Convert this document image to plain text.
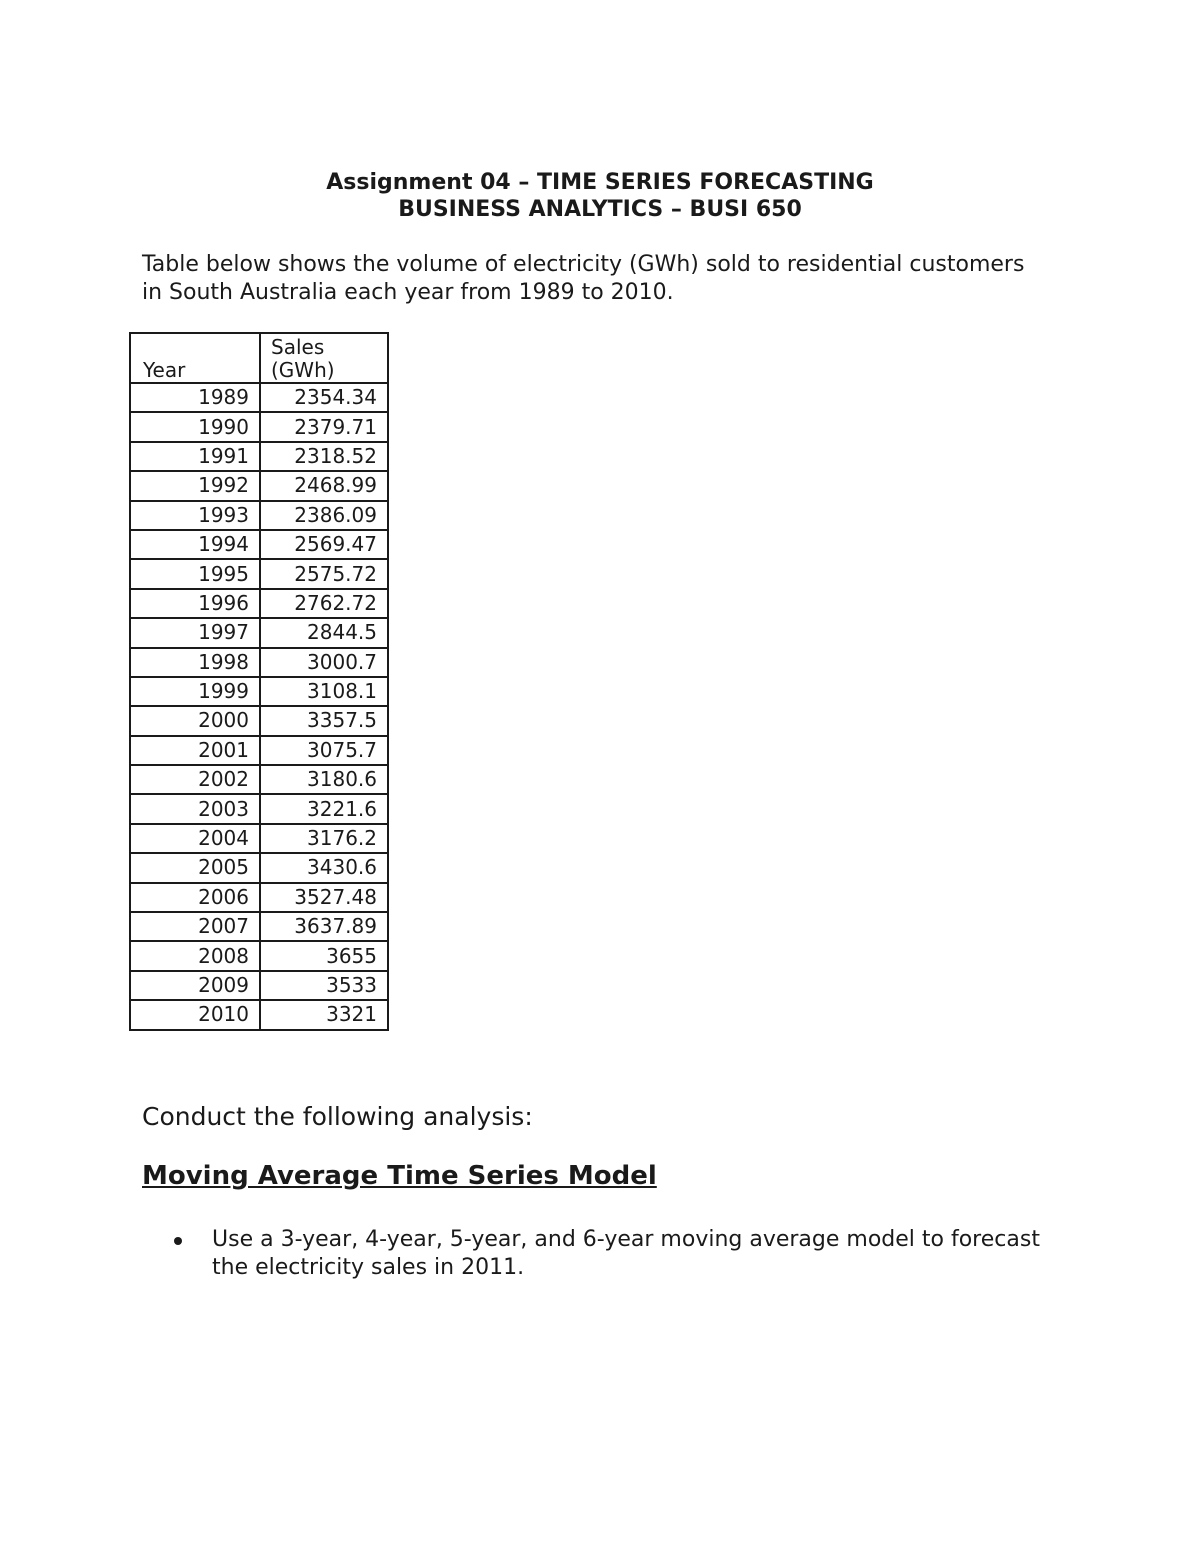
Assignment 04 – TIME SERIES FORECASTING
BUSINESS ANALYTICS – BUSI 650

Table below shows the volume of electricity (GWh) sold to residential customers in South Australia each year from 1989 to 2010.

Year	Sales
(GWh)
1989	2354.34
1990	2379.71
1991	2318.52
1992	2468.99
1993	2386.09
1994	2569.47
1995	2575.72
1996	2762.72
1997	2844.5
1998	3000.7
1999	3108.1
2000	3357.5
2001	3075.7
2002	3180.6
2003	3221.6
2004	3176.2
2005	3430.6
2006	3527.48
2007	3637.89
2008	3655
2009	3533
2010	3321

Conduct the following analysis:

Moving Average Time Series Model
Use a 3-year, 4-year, 5-year, and 6-year moving average model to forecast the electricity sales in 2011.
